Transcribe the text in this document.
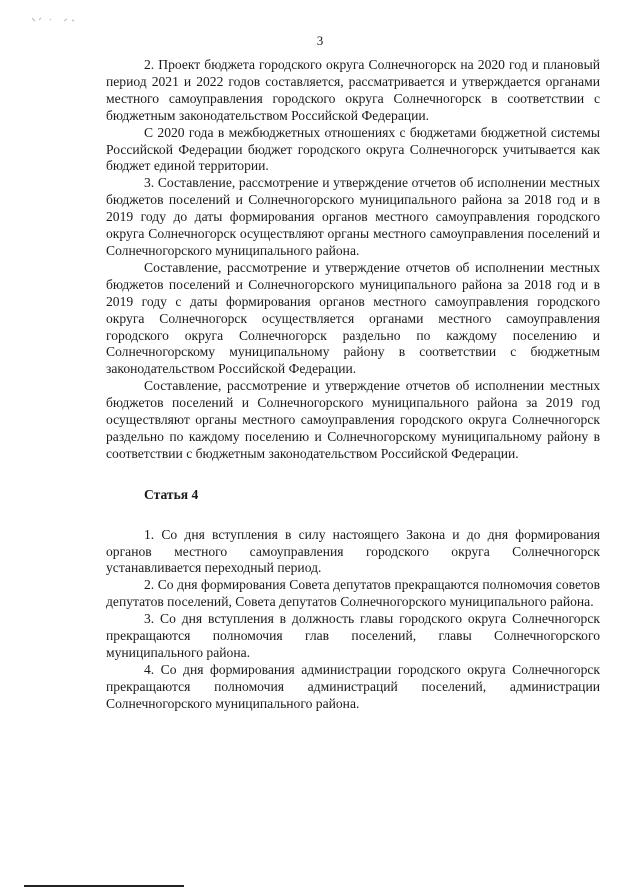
3

2. Проект бюджета городского округа Солнечногорск на 2020 год и плановый период 2021 и 2022 годов составляется, рассматривается и утверждается органами местного самоуправления городского округа Солнечногорск в соответствии с бюджетным законодательством Российской Федерации.

С 2020 года в межбюджетных отношениях с бюджетами бюджетной системы Российской Федерации бюджет городского округа Солнечногорск учитывается как бюджет единой территории.

3. Составление, рассмотрение и утверждение отчетов об исполнении местных бюджетов поселений и Солнечногорского муниципального района за 2018 год и в 2019 году до даты формирования органов местного самоуправления городского округа Солнечногорск осуществляют органы местного самоуправления поселений и Солнечногорского муниципального района.

Составление, рассмотрение и утверждение отчетов об исполнении местных бюджетов поселений и Солнечногорского муниципального района за 2018 год и в 2019 году с даты формирования органов местного самоуправления городского округа Солнечногорск осуществляется органами местного самоуправления городского округа Солнечногорск раздельно по каждому поселению и Солнечногорскому муниципальному району в соответствии с бюджетным законодательством Российской Федерации.

Составление, рассмотрение и утверждение отчетов об исполнении местных бюджетов поселений и Солнечногорского муниципального района за 2019 год осуществляют органы местного самоуправления городского округа Солнечногорск раздельно по каждому поселению и Солнечногорскому муниципальному району в соответствии с бюджетным законодательством Российской Федерации.

Статья 4

1. Со дня вступления в силу настоящего Закона и до дня формирования органов местного самоуправления городского округа Солнечногорск устанавливается переходный период.

2. Со дня формирования Совета депутатов прекращаются полномочия советов депутатов поселений, Совета депутатов Солнечногорского муниципального района.

3. Со дня вступления в должность главы городского округа Солнечногорск прекращаются полномочия глав поселений, главы Солнечногорского муниципального района.

4. Со дня формирования администрации городского округа Солнечногорск прекращаются полномочия администраций поселений, администрации Солнечногорского муниципального района.
